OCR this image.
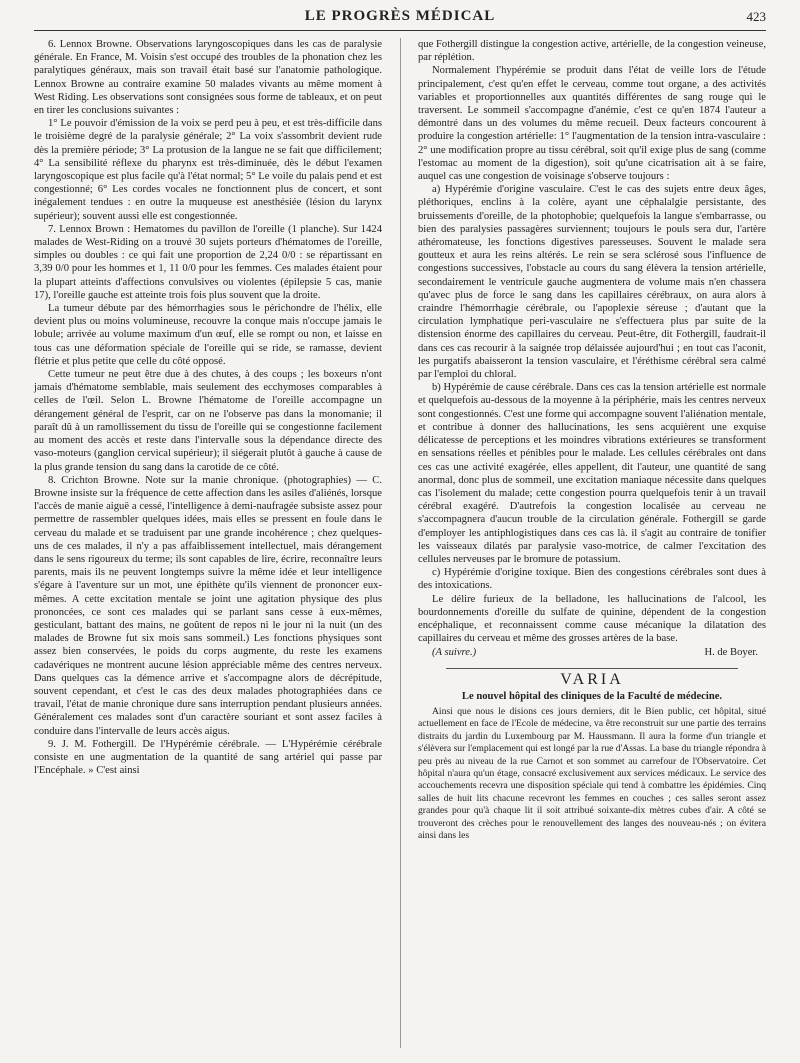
LE PROGRÈS MÉDICAL	423

6. Lennox Browne. Observations laryngoscopiques dans les cas de paralysie générale. En France, M. Voisin s'est occupé des troubles de la phonation chez les paralytiques généraux, mais son travail était basé sur l'anatomie pathologique. Lennox Browne au contraire examine 50 malades vivants au même moment à West Riding. Les observations sont consignées sous forme de tableaux, et on peut en tirer les conclusions suivantes :

1° Le pouvoir d'émission de la voix se perd peu à peu, et est très-difficile dans le troisième degré de la paralysie générale; 2° La voix s'assombrit devient rude dès la première période; 3° La protusion de la langue ne se fait que difficilement; 4° La sensibilité réflexe du pharynx est très-diminuée, dès le début l'examen laryngoscopique est plus facile qu'à l'état normal; 5° Le voile du palais pend et est congestionné; 6° Les cordes vocales ne fonctionnent plus de concert, et sont inégalement tendues : en outre la muqueuse est anesthésiée (lésion du larynx supérieur); souvent aussi elle est congestionnée.

7. Lennox Brown : Hematomes du pavillon de l'oreille (1 planche). Sur 1424 malades de West-Riding on a trouvé 30 sujets porteurs d'hématomes de l'oreille, simples ou doubles : ce qui fait une proportion de 2,24 0/0 : se répartissant en 3,39 0/0 pour les hommes et 1, 11 0/0 pour les femmes. Ces malades étaient pour la plupart atteints d'affections convulsives ou violentes (épilepsie 5 cas, manie 17), l'oreille gauche est atteinte trois fois plus souvent que la droite.

La tumeur débute par des hémorrhagies sous le périchondre de l'hélix, elle devient plus ou moins volumineuse, recouvre la conque mais n'occupe jamais le lobule; arrivée au volume maximum d'un œuf, elle se rompt ou non, et laisse en tous cas une déformation spéciale de l'oreille qui se ride, se ramasse, devient flétrie et plus petite que celle du côté opposé.

Cette tumeur ne peut être due à des chutes, à des coups ; les boxeurs n'ont jamais d'hématome semblable, mais seulement des ecchymoses comparables à celles de l'œil. Selon L. Browne l'hématome de l'oreille accompagne un dérangement général de l'esprit, car on ne l'observe pas dans la monomanie; il paraît dû à un ramollissement du tissu de l'oreille qui se congestionne facilement au moment des accès et reste dans l'intervalle sous la dépendance directe des vaso-moteurs (ganglion cervical supérieur); il siégerait plutôt à gauche à cause de la plus grande tension du sang dans la carotide de ce côté.

8. Crichton Browne. Note sur la manie chronique. (photographies) — C. Browne insiste sur la fréquence de cette affection dans les asiles d'aliénés, lorsque l'accès de manie aiguë a cessé, l'intelligence à demi-naufragée subsiste assez pour permettre de rassembler quelques idées, mais elles se pressent en foule dans le cerveau du malade et se traduisent par une grande incohérence ; chez quelques-uns de ces malades, il n'y a pas affaiblissement intellectuel, mais dérangement dans le sens rigoureux du terme; ils sont capables de lire, écrire, reconnaître leurs parents, mais ils ne peuvent longtemps suivre la même idée et leur intelligence s'égare à l'aventure sur un mot, une épithète qu'ils viennent de prononcer eux-mêmes. A cette excitation mentale se joint une agitation physique des plus prononcées, ce sont ces malades qui se parlant sans cesse à eux-mêmes, gesticulant, battant des mains, ne goûtent de repos ni le jour ni la nuit (un des malades de Browne fut six mois sans sommeil.) Les fonctions physiques sont assez bien conservées, le poids du corps augmente, du reste les examens cadavériques ne montrent aucune lésion appréciable même des centres nerveux. Dans quelques cas la démence arrive et s'accompagne alors de décrépitude, souvent cependant, et c'est le cas des deux malades photographiées dans ce travail, l'état de manie chronique dure sans interruption pendant plusieurs années. Généralement ces malades sont d'un caractère souriant et sont assez faciles à conduire dans l'intervalle de leurs accès aigus.

9. J. M. Fothergill. De l'Hypérémie cérébrale. — L'Hypérémie cérébrale consiste en une augmentation de la quantité de sang artériel qui passe par l'Encéphale. » C'est ainsi

que Fothergill distingue la congestion active, artérielle, de la congestion veineuse, par réplétion.

Normalement l'hypérémie se produit dans l'état de veille lors de l'étude principalement, c'est qu'en effet le cerveau, comme tout organe, a des activités variables et proportionnelles aux quantités différentes de sang rouge qui le traversent. Le sommeil s'accompagne d'anémie, c'est ce qu'en 1874 l'auteur a démontré dans un des volumes du même recueil. Deux facteurs concourent à produire la congestion artérielle: 1° l'augmentation de la tension intra-vasculaire : 2° une modification propre au tissu cérébral, soit qu'il exige plus de sang (comme l'estomac au moment de la digestion), soit qu'une cicatrisation ait à se faire, auquel cas une congestion de voisinage s'observe toujours :

a) Hypérémie d'origine vasculaire. C'est le cas des sujets entre deux âges, pléthoriques, enclins à la colère, ayant une céphalalgie persistante, des bruissements d'oreille, de la photophobie; quelquefois la langue s'embarrasse, ou bien des paralysies passagères surviennent; toujours le pouls sera dur, l'artère athéromateuse, les fonctions digestives paresseuses. Souvent le malade sera goutteux et aura les reins altérés. Le rein se sera sclérosé sous l'influence de congestions successives, l'obstacle au cours du sang élèvera la tension artérielle, secondairement le ventricule gauche augmentera de volume mais n'en chassera qu'avec plus de force le sang dans les capillaires cérébraux, on aura alors à craindre l'hémorrhagie cérébrale, ou l'apoplexie séreuse ; d'autant que la circulation lymphatique peri-vasculaire ne s'effectuera plus par suite de la distension énorme des capillaires du cerveau. Peut-être, dit Fothergill, faudrait-il dans ces cas recourir à la saignée trop délaissée aujourd'hui ; en tout cas l'aconit, les purgatifs abaisseront la tension vasculaire, et l'éréthisme cérébral sera calmé par l'emploi du chloral.

b) Hypérémie de cause cérébrale. Dans ces cas la tension artérielle est normale et quelquefois au-dessous de la moyenne à la périphérie, mais les centres nerveux sont congestionnés. C'est une forme qui accompagne souvent l'aliénation mentale, et contribue à donner des hallucinations, les sens acquièrent une exquise délicatesse de perceptions et les moindres vibrations extérieures se transforment en sensations réelles et pénibles pour le malade. Les cellules cérébrales ont dans ces cas une activité exagérée, elles appellent, dit l'auteur, une quantité de sang anormal, donc plus de sommeil, une excitation maniaque nécessite dans quelques cas l'isolement du malade; cette congestion pourra quelquefois tenir à un travail cérébral exagéré. D'autrefois la congestion localisée au cerveau ne s'accompagnera d'aucun trouble de la circulation générale. Fothergill se garde d'employer les antiphlogistiques dans ces cas là. il s'agit au contraire de tonifier les vaisseaux dilatés par paralysie vaso-motrice, de calmer l'excitation des cellules nerveuses par le bromure de potassium.

c) Hypérémie d'origine toxique. Bien des congestions cérébrales sont dues à des intoxications.

Le délire furieux de la belladone, les hallucinations de l'alcool, les bourdonnements d'oreille du sulfate de quinine, dépendent de la congestion encéphalique, et reconnaissent comme cause mécanique la dilatation des capillaires du cerveau et même des grosses artères de la base.

(A suivre.)	H. de Boyer.
VARIA
Le nouvel hôpital des cliniques de la Faculté de médecine.

Ainsi que nous le disions ces jours derniers, dit le Bien public, cet hôpital, situé actuellement en face de l'Ecole de médecine, va être reconstruit sur une partie des terrains distraits du jardin du Luxembourg par M. Haussmann. Il aura la forme d'un triangle et s'élèvera sur l'emplacement qui est longé par la rue d'Assas. La base du triangle répondra à peu près au niveau de la rue Carnot et son sommet au carrefour de l'Observatoire. Cet hôpital n'aura qu'un étage, consacré exclusivement aux services médicaux. Le service des accouchements recevra une disposition spéciale qui tend à combattre les épidémies. Cinq salles de huit lits chacune recevront les femmes en couches ; ces salles seront assez grandes pour qu'à chaque lit il soit attribué soixante-dix mètres cubes d'air. A côté se trouveront des crèches pour le renouvellement des langes des nouveau-nés ; on évitera ainsi dans les
